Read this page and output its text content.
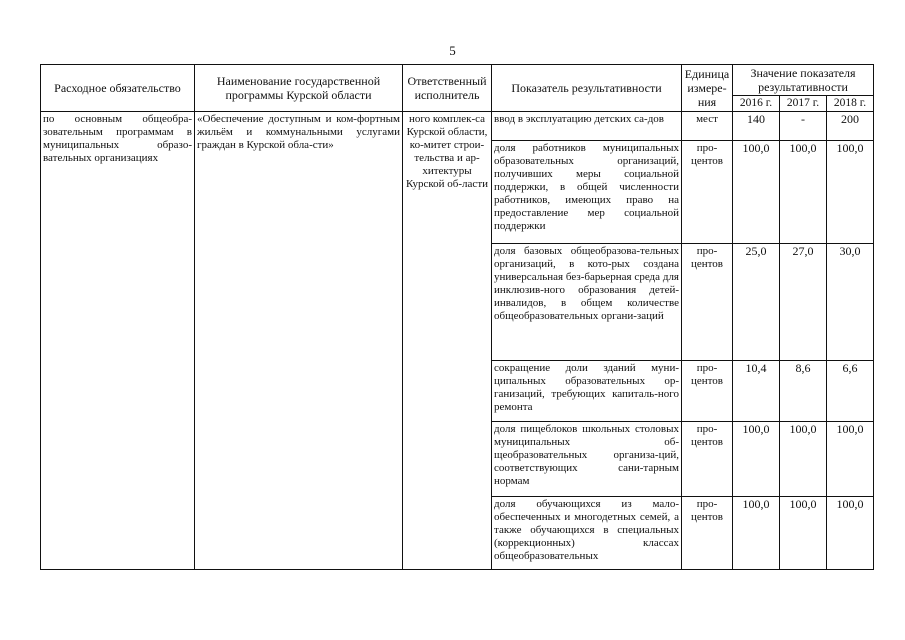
5
Расходное обязательство	Наименование государственной программы Курской области	Ответственный исполнитель	Показатель результативности	Единица измере-ния	Значение показателя результативности		
					2016 г.	2017 г.	2018 г.
по основным общеобра-зовательным программам в муниципальных образо-вательных организациях	«Обеспечение доступным и ком-фортным жильём и коммунальными услугами граждан в Курской обла-сти»	ного комплек-са Курской области, ко-митет строи-тельства и ар-хитектуры Курской об-ласти	ввод в эксплуатацию детских са-дов	мест	140	-	200
			доля работников муниципальных образовательных организаций, получивших меры социальной поддержки, в общей численности работников, имеющих право на предоставление мер социальной поддержки	про-центов	100,0	100,0	100,0
			доля базовых общеобразова-тельных организаций, в кото-рых создана универсальная без-барьерная среда для инклюзив-ного образования детей-инвалидов, в общем количестве общеобразовательных органи-заций	про-центов	25,0	27,0	30,0
			сокращение доли зданий муни-ципальных образовательных ор-ганизаций, требующих капиталь-ного ремонта	про-центов	10,4	8,6	6,6
			доля пищеблоков школьных столовых муниципальных об-щеобразовательных организа-ций, соответствующих сани-тарным нормам	про-центов	100,0	100,0	100,0
			доля обучающихся из мало-обеспеченных и многодетных семей, а также обучающихся в специальных (коррекционных) классах общеобразовательных	про-центов	100,0	100,0	100,0
